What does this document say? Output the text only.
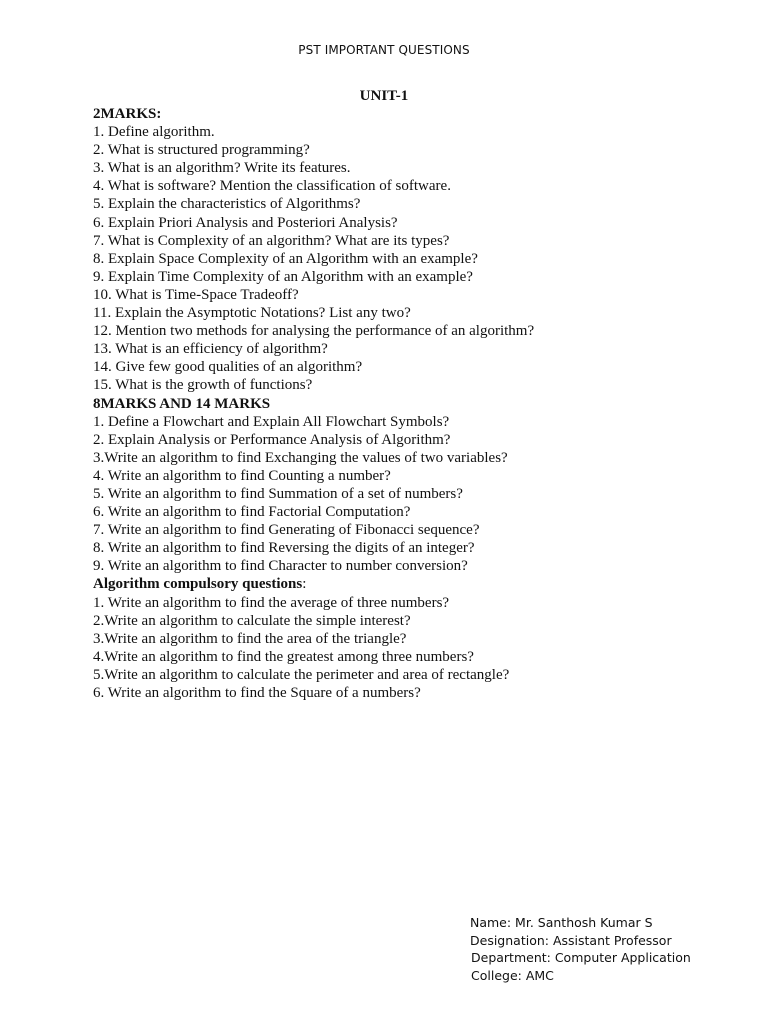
PST IMPORTANT QUESTIONS
UNIT-1
2MARKS:
1. Define algorithm.
2. What is structured programming?
3. What is an algorithm? Write its features.
4. What is software? Mention the classification of software.
5. Explain the characteristics of Algorithms?
6. Explain Priori Analysis and Posteriori Analysis?
7. What is Complexity of an algorithm? What are its types?
8. Explain Space Complexity of an Algorithm with an example?
9. Explain Time Complexity of an Algorithm with an example?
10. What is Time-Space Tradeoff?
11. Explain the Asymptotic Notations? List any two?
12. Mention two methods for analysing the performance of an algorithm?
13. What is an efficiency of algorithm?
14. Give few good qualities of an algorithm?
15. What is the growth of functions?
8MARKS AND 14 MARKS
1. Define a Flowchart and Explain All Flowchart Symbols?
2. Explain Analysis or Performance Analysis of Algorithm?
3.Write an algorithm to find Exchanging the values of two variables?
4. Write an algorithm to find Counting a number?
5. Write an algorithm to find Summation of a set of numbers?
6. Write an algorithm to find Factorial Computation?
7. Write an algorithm to find Generating of Fibonacci sequence?
8. Write an algorithm to find Reversing the digits of an integer?
9. Write an algorithm to find Character to number conversion?
Algorithm compulsory questions:
1. Write an algorithm to find the average of three numbers?
2.Write an algorithm to calculate the simple interest?
3.Write an algorithm to find the area of the triangle?
4.Write an algorithm to find the greatest among three numbers?
5.Write an algorithm to calculate the perimeter and area of rectangle?
6. Write an algorithm to find the Square of a numbers?
Name: Mr. Santhosh Kumar S
Designation: Assistant Professor
Department: Computer Application
College: AMC
